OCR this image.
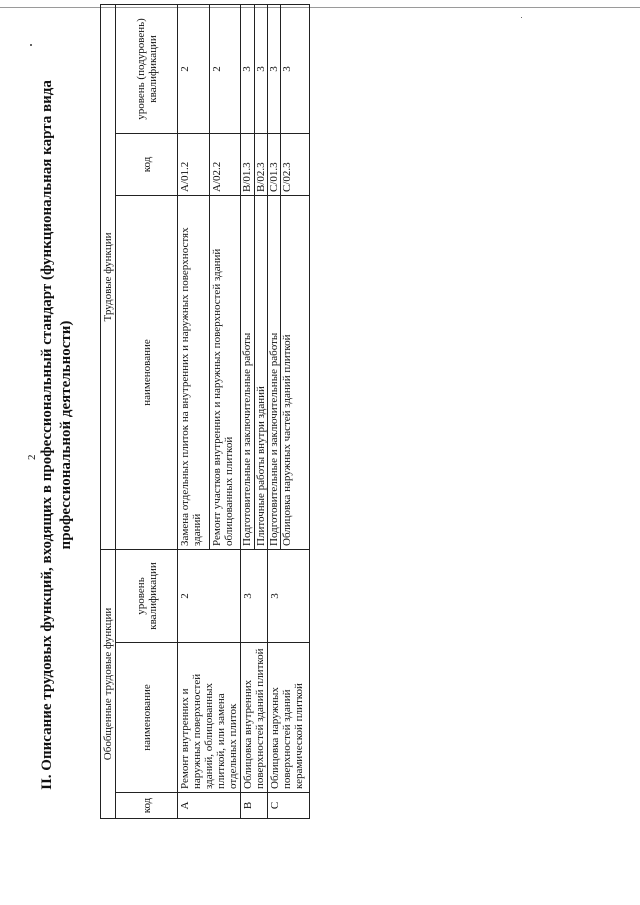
2 II. Описание трудовых функций, входящих в профессиональный стандарт (функциональная карта вида профессиональной деятельности)
Обобщенные трудовые функции			Трудовые функции		
код	наименование	уровень квалификации	наименование	код	уровень (подуровень) квалификации
A	Ремонт внутренних и наружных поверхностей зданий, облицованных плиткой, или замена отдельных плиток	2	Замена отдельных плиток на внутренних и наружных поверхностях зданий	A/01.2	2
			Ремонт участков внутренних и наружных поверхностей зданий облицованных плиткой	A/02.2	2
B	Облицовка внутренних поверхностей зданий плиткой	3	Подготовительные и заключительные работы	B/01.3	3
			Плиточные работы внутри зданий	B/02.3	3
C	Облицовка наружных поверхностей зданий керамической плиткой	3	Подготовительные и заключительные работы	C/01.3	3
			Облицовка наружных частей зданий плиткой	C/02.3	3
